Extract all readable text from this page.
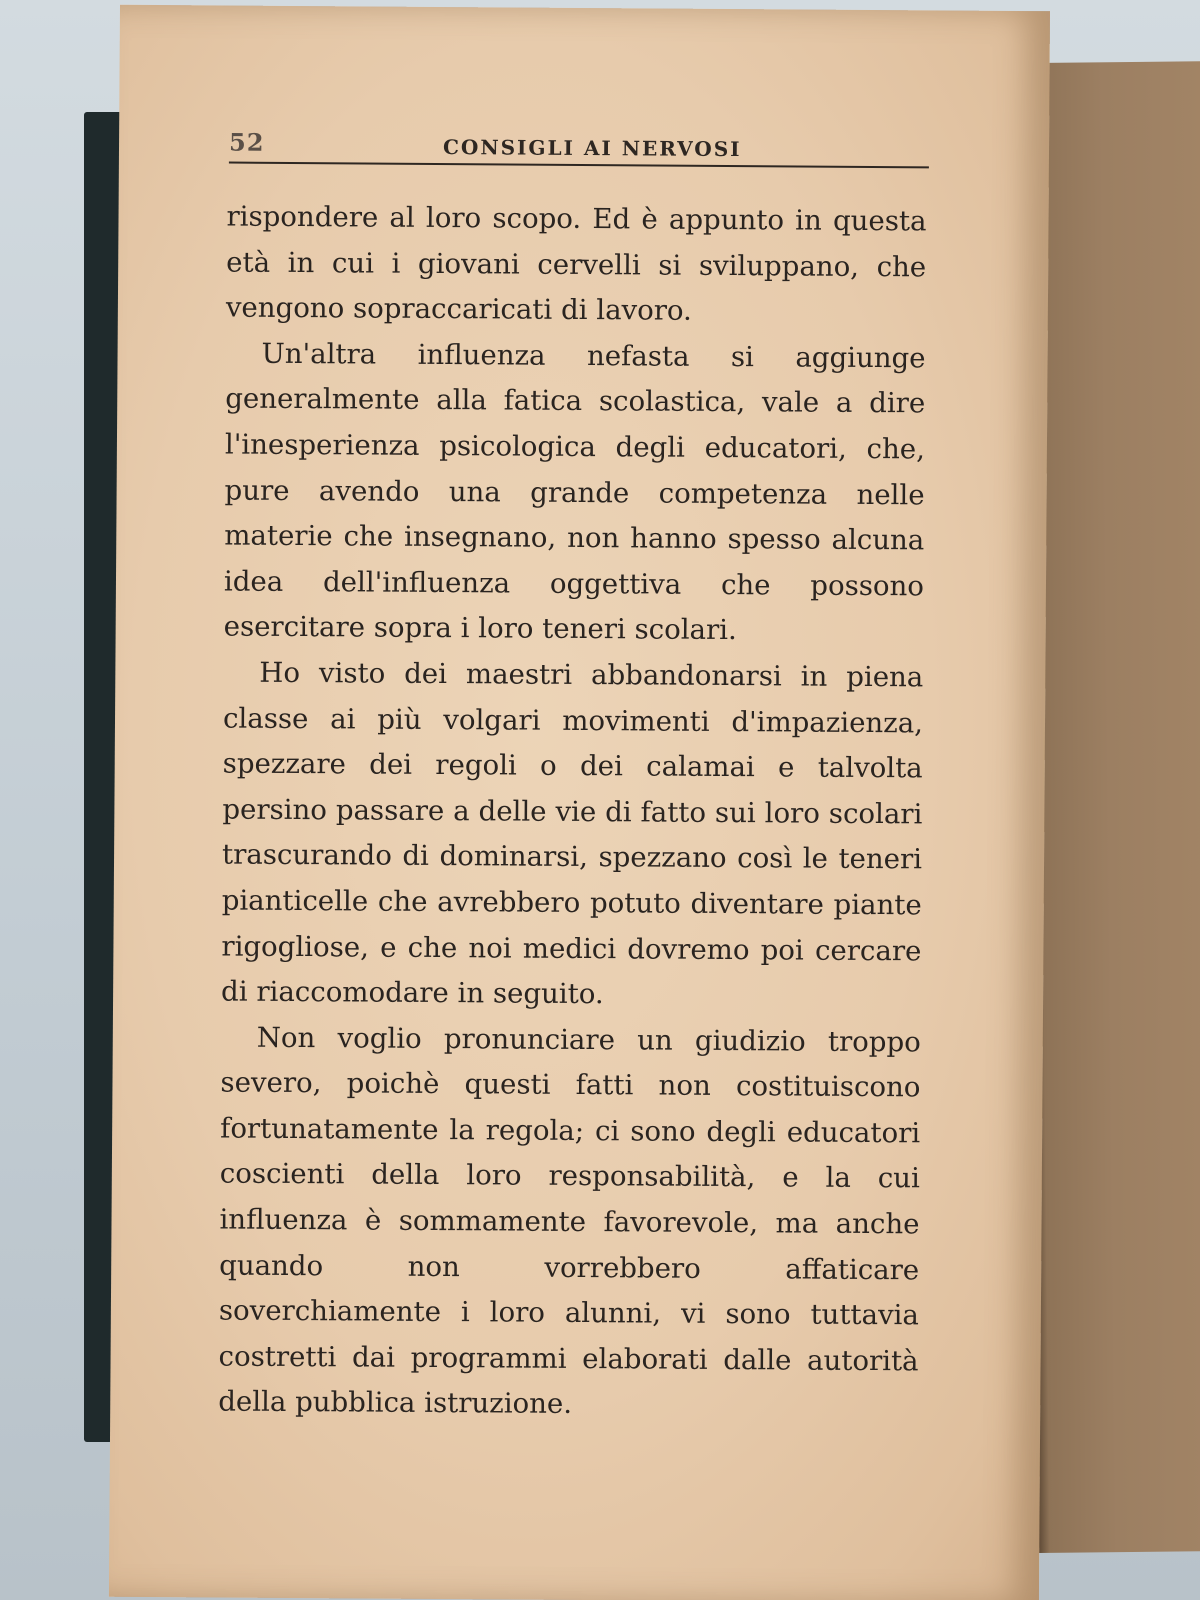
52	CONSIGLI AI NERVOSI

rispondere al loro scopo. Ed è appunto in questa età in cui i giovani cervelli si sviluppano, che vengono sopraccaricati di lavoro.

Un'altra influenza nefasta si aggiunge generalmente alla fatica scolastica, vale a dire l'inesperienza psicologica degli educatori, che, pure avendo una grande competenza nelle materie che insegnano, non hanno spesso alcuna idea dell'influenza oggettiva che possono esercitare sopra i loro teneri scolari.

Ho visto dei maestri abbandonarsi in piena classe ai più volgari movimenti d'impazienza, spezzare dei regoli o dei calamai e talvolta persino passare a delle vie di fatto sui loro scolari trascurando di dominarsi, spezzano così le teneri pianticelle che avrebbero potuto diventare piante rigogliose, e che noi medici dovremo poi cercare di riaccomodare in seguito.

Non voglio pronunciare un giudizio troppo severo, poichè questi fatti non costituiscono fortunatamente la regola; ci sono degli educatori coscienti della loro responsabilità, e la cui influenza è sommamente favorevole, ma anche quando non vorrebbero affaticare soverchiamente i loro alunni, vi sono tuttavia costretti dai programmi elaborati dalle autorità della pubblica istruzione.
